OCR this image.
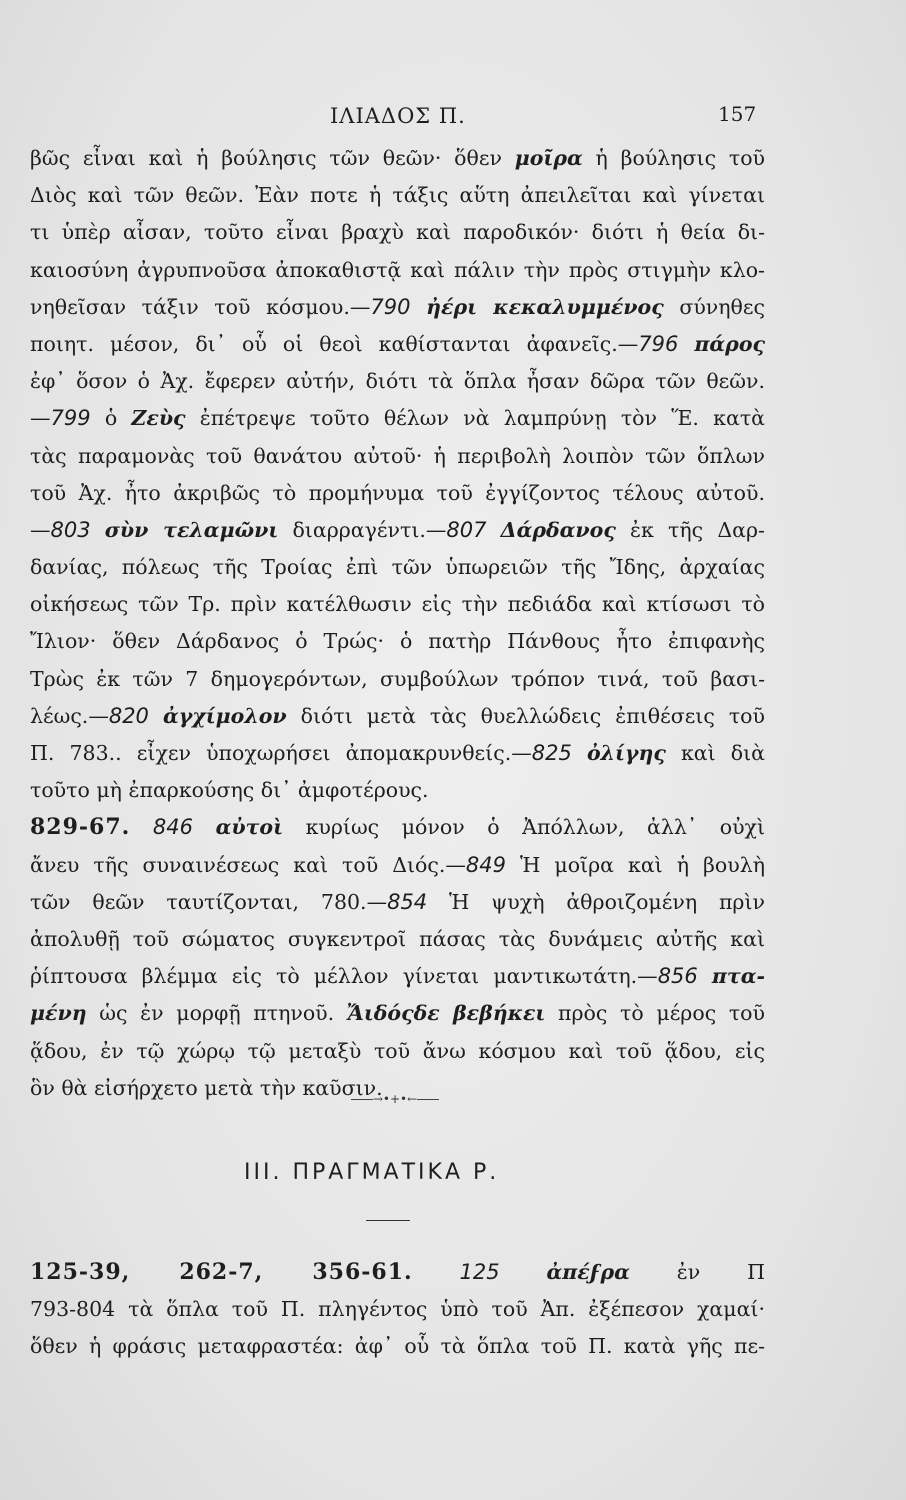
ΙΛΙΑΔΟΣ Π.	157
βῶς εἶναι καὶ ἡ βούλησις τῶν θεῶν· ὅθεν μοῖρα ἡ βούλησις τοῦ
Διὸς καὶ τῶν θεῶν. Ἐὰν ποτε ἡ τάξις αὕτη ἀπειλεῖται καὶ γίνεται
τι ὑπὲρ αἶσαν, τοῦτο εἶναι βραχὺ καὶ παροδικόν· διότι ἡ θεία δι-
καιοσύνη ἀγρυπνοῦσα ἀποκαθιστᾷ καὶ πάλιν τὴν πρὸς στιγμὴν κλο-
νηθεῖσαν τάξιν τοῦ κόσμου.—790 ἠέρι κεκαλυμμένος σύνηθες
ποιητ. μέσον, δι᾽ οὗ οἱ θεοὶ καθίστανται ἀφανεῖς.—796 πάρος
ἐφ᾽ ὅσον ὁ Ἀχ. ἔφερεν αὐτήν, διότι τὰ ὅπλα ἦσαν δῶρα τῶν θεῶν.
—799 ὁ Ζεὺς ἐπέτρεψε τοῦτο θέλων νὰ λαμπρύνῃ τὸν Ἕ. κατὰ
τὰς παραμονὰς τοῦ θανάτου αὐτοῦ· ἡ περιβολὴ λοιπὸν τῶν ὅπλων
τοῦ Ἀχ. ἦτο ἀκριβῶς τὸ προμήνυμα τοῦ ἐγγίζοντος τέλους αὐτοῦ.
—803 σὺν τελαμῶνι διαρραγέντι.—807 Δάρδανος ἐκ τῆς Δαρ-
δανίας, πόλεως τῆς Τροίας ἐπὶ τῶν ὑπωρειῶν τῆς Ἴδης, ἀρχαίας
οἰκήσεως τῶν Τρ. πρὶν κατέλθωσιν εἰς τὴν πεδιάδα καὶ κτίσωσι τὸ
Ἴλιον· ὅθεν Δάρδανος ὁ Τρώς· ὁ πατὴρ Πάνθους ἦτο ἐπιφανὴς
Τρὼς ἐκ τῶν 7 δημογερόντων, συμβούλων τρόπον τινά, τοῦ βασι-
λέως.—820 ἀγχίμολον διότι μετὰ τὰς θυελλώδεις ἐπιθέσεις τοῦ
Π. 783.. εἶχεν ὑποχωρήσει ἀπομακρυνθείς.—825 ὀλίγης καὶ διὰ
τοῦτο μὴ ἐπαρκούσης δι᾽ ἀμφοτέρους.
829-67. 846 αὐτοὶ κυρίως μόνον ὁ Ἀπόλλων, ἀλλ᾽ οὐχὶ
ἄνευ τῆς συναινέσεως καὶ τοῦ Διός.—849 Ἡ μοῖρα καὶ ἡ βουλὴ
τῶν θεῶν ταυτίζονται, 780.—854 Ἡ ψυχὴ ἀθροιζομένη πρὶν
ἀπολυθῇ τοῦ σώματος συγκεντροῖ πάσας τὰς δυνάμεις αὐτῆς καὶ
ῥίπτουσα βλέμμα εἰς τὸ μέλλον γίνεται μαντικωτάτη.—856 πτα-
μένη ὡς ἐν μορφῇ πτηνοῦ. Ἄιδόςδε βεβήκει πρὸς τὸ μέρος τοῦ
ᾅδου, ἐν τῷ χώρῳ τῷ μεταξὺ τοῦ ἄνω κόσμου καὶ τοῦ ᾅδου, εἰς
ὃν θὰ εἰσήρχετο μετὰ τὴν καῦσιν.
→•+•←
III. ΠΡΑΓΜΑΤΙΚΑ Ρ.
125-39, 262-7, 356-61. 125 ἀπέϝρα ἐν Π
793-804 τὰ ὅπλα τοῦ Π. πληγέντος ὑπὸ τοῦ Ἀπ. ἐξέπεσον χαμαί·
ὅθεν ἡ φράσις μεταφραστέα: ἀφ᾽ οὗ τὰ ὅπλα τοῦ Π. κατὰ γῆς πε-
